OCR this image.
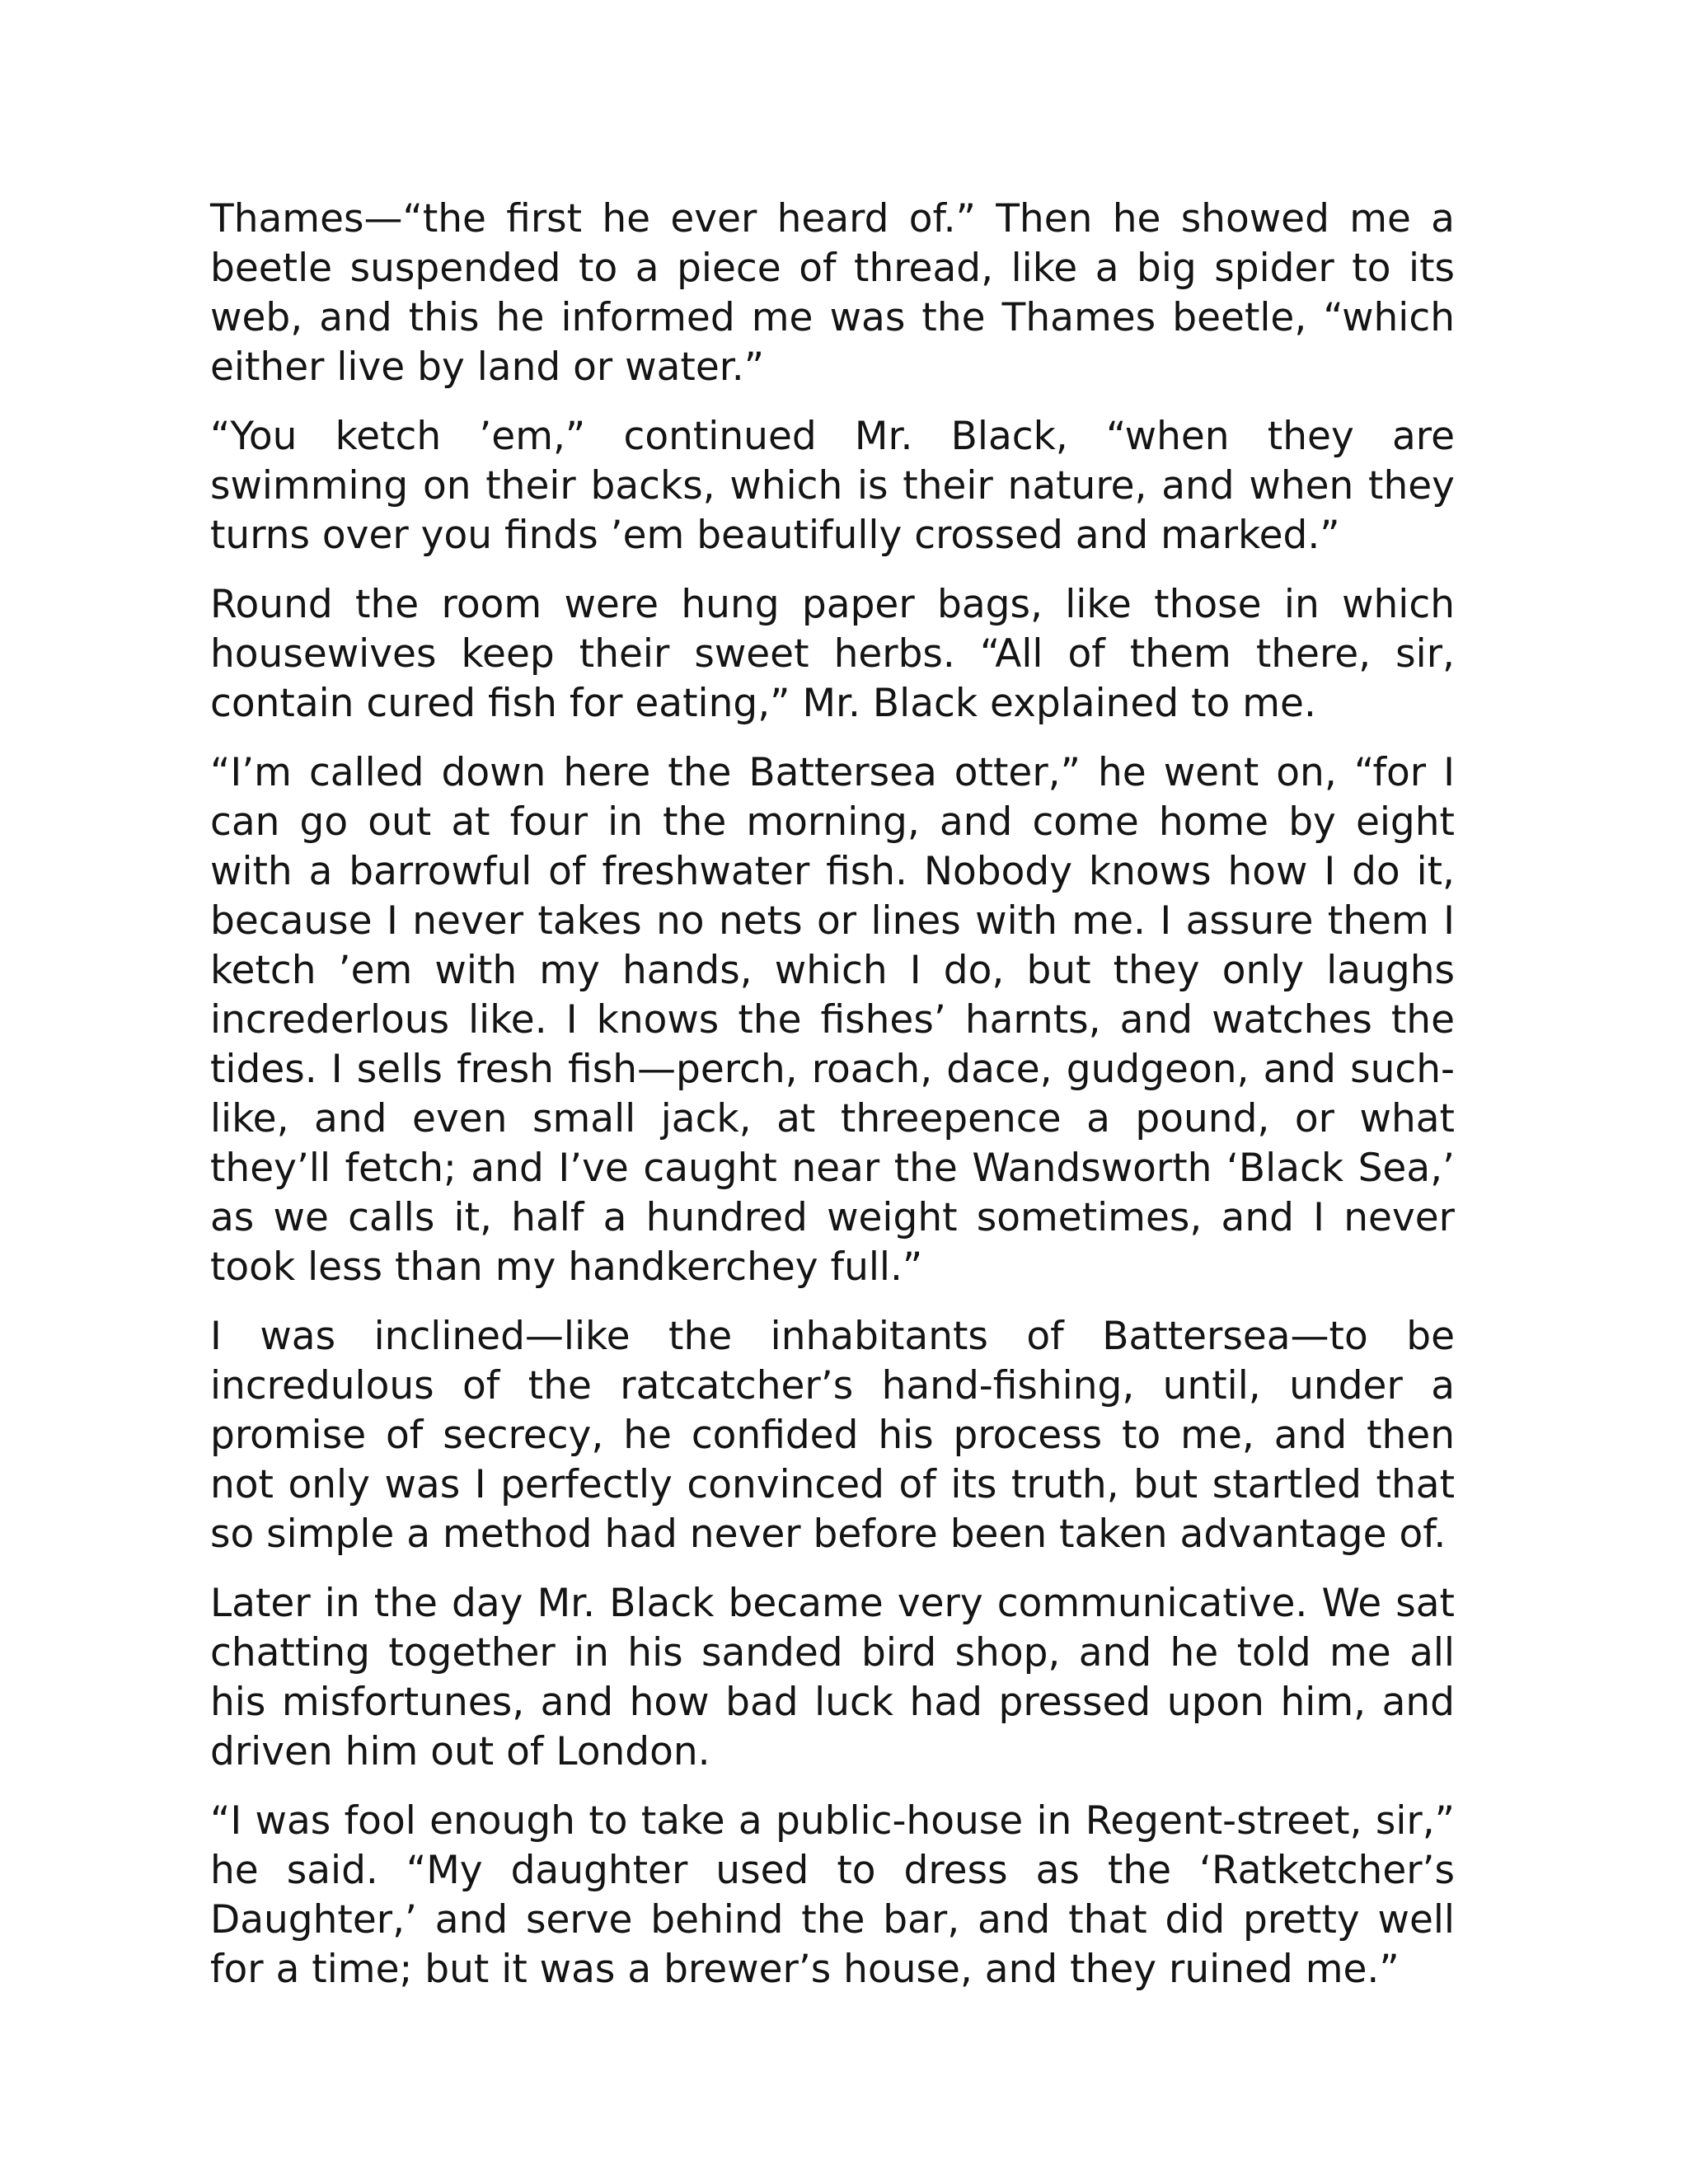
Thames—“the first he ever heard of.” Then he showed me a beetle suspended to a piece of thread, like a big spider to its web, and this he informed me was the Thames beetle, “which either live by land or water.”

“You ketch ’em,” continued Mr. Black, “when they are swimming on their backs, which is their nature, and when they turns over you finds ’em beautifully crossed and marked.”

Round the room were hung paper bags, like those in which housewives keep their sweet herbs. “All of them there, sir, contain cured fish for eating,” Mr. Black explained to me.

“I’m called down here the Battersea otter,” he went on, “for I can go out at four in the morning, and come home by eight with a barrowful of freshwater fish. Nobody knows how I do it, because I never takes no nets or lines with me. I assure them I ketch ’em with my hands, which I do, but they only laughs increderlous like. I knows the fishes’ harnts, and watches the tides. I sells fresh fish—perch, roach, dace, gudgeon, and such-like, and even small jack, at threepence a pound, or what they’ll fetch; and I’ve caught near the Wandsworth ‘Black Sea,’ as we calls it, half a hundred weight sometimes, and I never took less than my handkerchey full.”

I was inclined—like the inhabitants of Battersea—to be incredulous of the ratcatcher’s hand-fishing, until, under a promise of secrecy, he confided his process to me, and then not only was I perfectly convinced of its truth, but startled that so simple a method had never before been taken advantage of.

Later in the day Mr. Black became very communicative. We sat chatting together in his sanded bird shop, and he told me all his misfortunes, and how bad luck had pressed upon him, and driven him out of London.

“I was fool enough to take a public-house in Regent-street, sir,” he said. “My daughter used to dress as the ‘Ratketcher’s Daughter,’ and serve behind the bar, and that did pretty well for a time; but it was a brewer’s house, and they ruined me.”
